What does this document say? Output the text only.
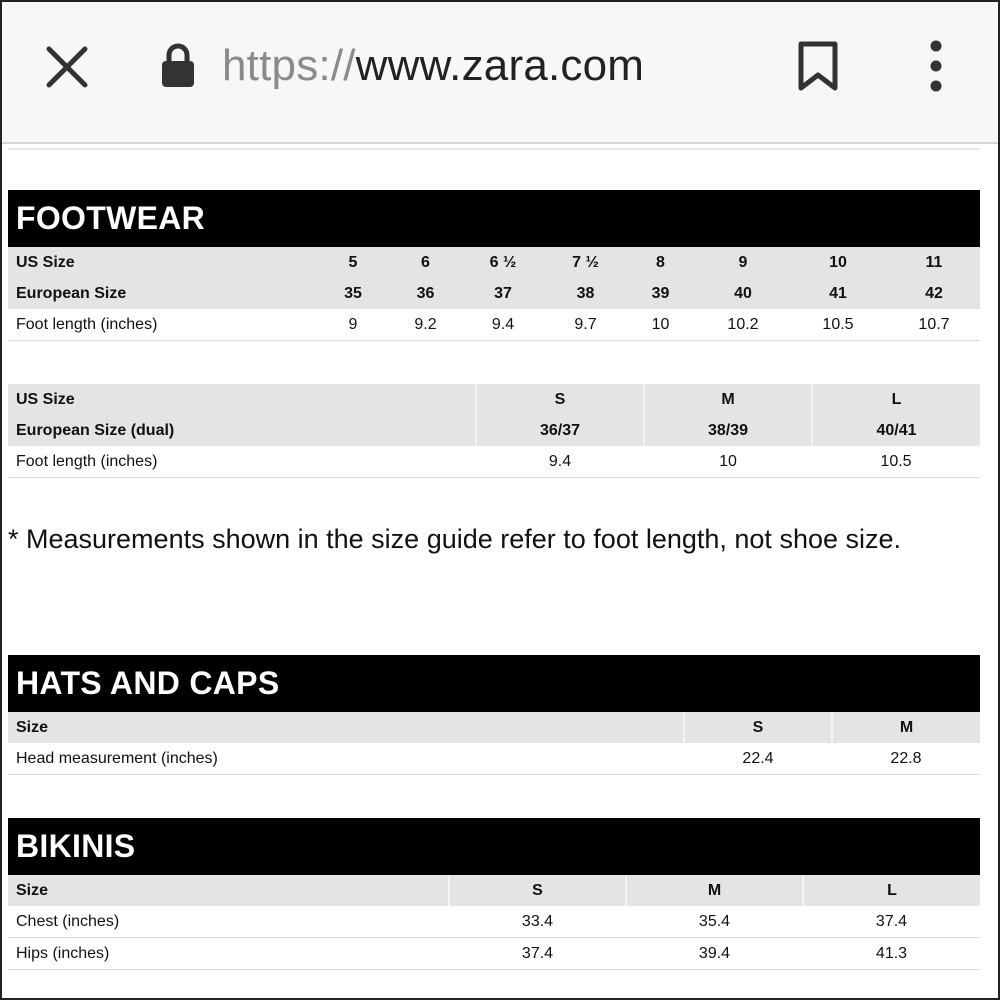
https://www.zara.com
FOOTWEAR
US Size	5	6	6 ½	7 ½	8	9	10	11
European Size	35	36	37	38	39	40	41	42
Foot length (inches)	9	9.2	9.4	9.7	10	10.2	10.5	10.7
US Size	S	M	L
European Size (dual)	36/37	38/39	40/41
Foot length (inches)	9.4	10	10.5
* Measurements shown in the size guide refer to foot length, not shoe size.
HATS AND CAPS
Size	S	M
Head measurement (inches)	22.4	22.8
BIKINIS
Size	S	M	L
Chest (inches)	33.4	35.4	37.4
Hips (inches)	37.4	39.4	41.3
